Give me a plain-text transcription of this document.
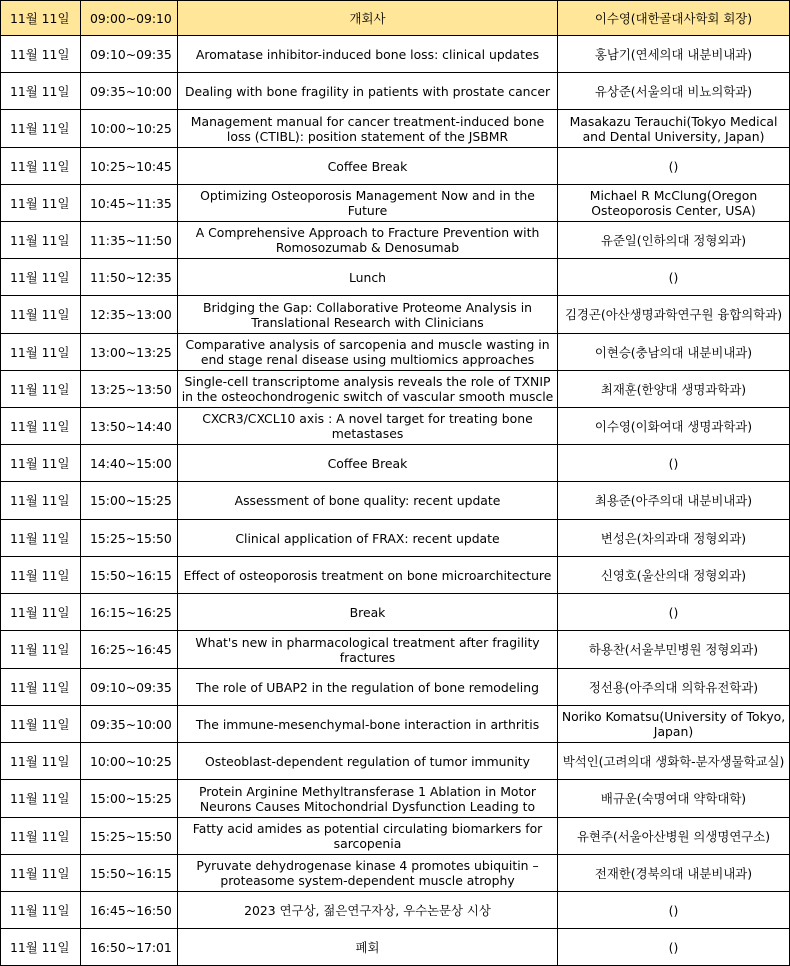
11월 11일	09:00~09:10	개회사	이수영(대한골대사학회 회장)
11월 11일	09:10~09:35	Aromatase inhibitor-induced bone loss: clinical updates	홍남기(연세의대 내분비내과)
11월 11일	09:35~10:00	Dealing with bone fragility in patients with prostate cancer	유상준(서울의대 비뇨의학과)
11월 11일	10:00~10:25	Management manual for cancer treatment-induced bone loss (CTIBL): position statement of the JSBMR	Masakazu Terauchi(Tokyo Medical and Dental University, Japan)
11월 11일	10:25~10:45	Coffee Break	()
11월 11일	10:45~11:35	Optimizing Osteoporosis Management Now and in the Future	Michael R McClung(Oregon Osteoporosis Center, USA)
11월 11일	11:35~11:50	A Comprehensive Approach to Fracture Prevention with Romosozumab & Denosumab	유준일(인하의대 정형외과)
11월 11일	11:50~12:35	Lunch	()
11월 11일	12:35~13:00	Bridging the Gap: Collaborative Proteome Analysis in Translational Research with Clinicians	김경곤(아산생명과학연구원 융합의학과)
11월 11일	13:00~13:25	Comparative analysis of sarcopenia and muscle wasting in end stage renal disease using multiomics approaches	이현승(충남의대 내분비내과)
11월 11일	13:25~13:50	Single-cell transcriptome analysis reveals the role of TXNIP in the osteochondrogenic switch of vascular smooth muscle	최재훈(한양대 생명과학과)
11월 11일	13:50~14:40	CXCR3/CXCL10 axis : A novel target for treating bone metastases	이수영(이화여대 생명과학과)
11월 11일	14:40~15:00	Coffee Break	()
11월 11일	15:00~15:25	Assessment of bone quality: recent update	최용준(아주의대 내분비내과)
11월 11일	15:25~15:50	Clinical application of FRAX: recent update	변성은(차의과대 정형외과)
11월 11일	15:50~16:15	Effect of osteoporosis treatment on bone microarchitecture	신영호(울산의대 정형외과)
11월 11일	16:15~16:25	Break	()
11월 11일	16:25~16:45	What's new in pharmacological treatment after fragility fractures	하용찬(서울부민병원 정형외과)
11월 11일	09:10~09:35	The role of UBAP2 in the regulation of bone remodeling	정선용(아주의대 의학유전학과)
11월 11일	09:35~10:00	The immune-mesenchymal-bone interaction in arthritis	Noriko Komatsu(University of Tokyo, Japan)
11월 11일	10:00~10:25	Osteoblast-dependent regulation of tumor immunity	박석인(고려의대 생화학-분자생물학교실)
11월 11일	15:00~15:25	Protein Arginine Methyltransferase 1 Ablation in Motor Neurons Causes Mitochondrial Dysfunction Leading to	배규운(숙명여대 약학대학)
11월 11일	15:25~15:50	Fatty acid amides as potential circulating biomarkers for sarcopenia	유현주(서울아산병원 의생명연구소)
11월 11일	15:50~16:15	Pyruvate dehydrogenase kinase 4 promotes ubiquitin –proteasome system-dependent muscle atrophy	전재한(경북의대 내분비내과)
11월 11일	16:45~16:50	2023 연구상, 젊은연구자상, 우수논문상 시상	()
11월 11일	16:50~17:01	폐회	()
